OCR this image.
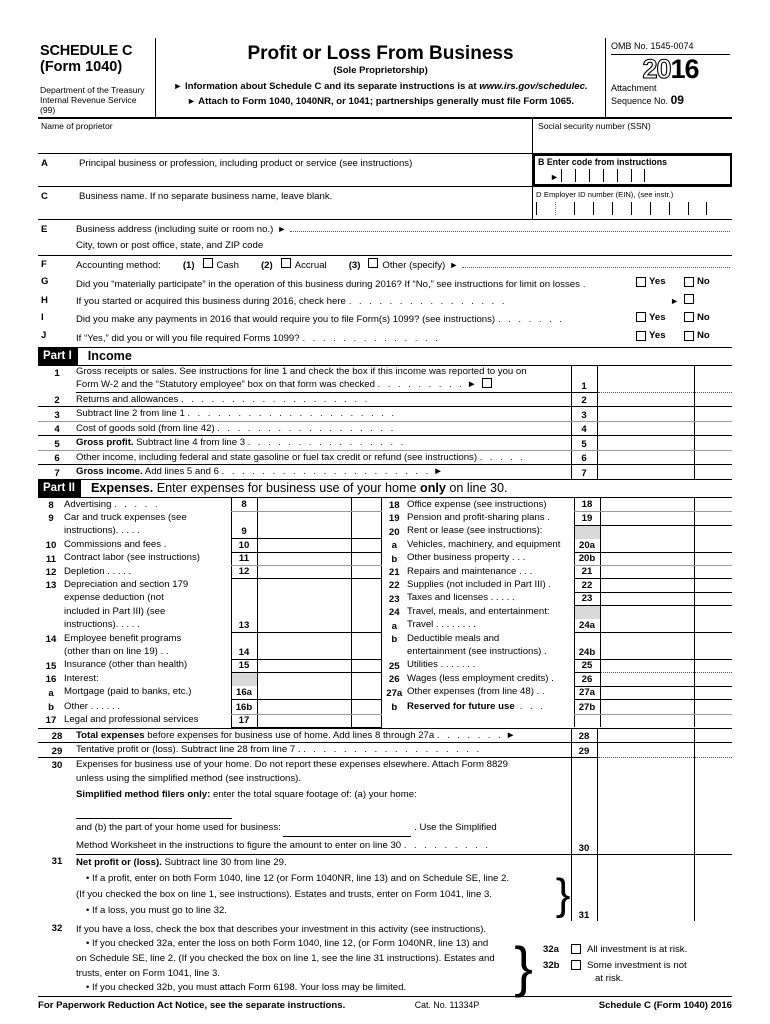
SCHEDULE C
(Form 1040)
Department of the Treasury
Internal Revenue Service (99)
Profit or Loss From Business
(Sole Proprietorship)
► Information about Schedule C and its separate instructions is at www.irs.gov/schedulec.
► Attach to Form 1040, 1040NR, or 1041; partnerships generally must file Form 1065.
OMB No. 1545-0074
2016
Attachment
Sequence No. 09
Name of proprietor	Social security number (SSN)
A	Principal business or profession, including product or service (see instructions)	B Enter code from instructions
►
C	Business name. If no separate business name, leave blank.	D Employer ID number (EIN), (see instr.)
E	Business address (including suite or room no.) ►
City, town or post office, state, and ZIP code
F	Accounting method: (1) Cash (2) Accrual (3) Other (specify) ►
G	Did you “materially participate” in the operation of this business during 2016? If “No,” see instructions for limit on losses .	Yes	No
H	If you started or acquired this business during 2016, check here . . . . . . . . . . . . . . . .	►
I	Did you make any payments in 2016 that would require you to file Form(s) 1099? (see instructions) . . . . . . .	Yes	No
J	If “Yes,” did you or will you file required Forms 1099? . . . . . . . . . . . . . .	Yes	No
Part I	Income
1	Gross receipts or sales. See instructions for line 1 and check the box if this income was reported to you on			
	Form W-2 and the “Statutory employee” box on that form was checked . . . . . . . . . ►	1		
2	Returns and allowances . . . . . . . . . . . . . . . . . . .	2		
3	Subtract line 2 from line 1 . . . . . . . . . . . . . . . . . . . . .	3		
4	Cost of goods sold (from line 42) . . . . . . . . . . . . . . . . . .	4		
5	Gross profit. Subtract line 4 from line 3 . . . . . . . . . . . . . . . .	5		
6	Other income, including federal and state gasoline or fuel tax credit or refund (see instructions) . . . . .	6		
7	Gross income. Add lines 5 and 6 . . . . . . . . . . . . . . . . . . . . . ►	7		
Part II	Expenses. Enter expenses for business use of your home only on line 30.
8	Advertising . . . . .	8			18	Office expense (see instructions)	18		
9	Car and truck expenses (see				19	Pension and profit-sharing plans .	19		
	instructions). . . . .	9			20	Rent or lease (see instructions):			
10	Commissions and fees .	10			a	Vehicles, machinery, and equipment	20a		
11	Contract labor (see instructions)	11			b	Other business property . . .	20b		
12	Depletion . . . . .	12			21	Repairs and maintenance . . .	21		
13	Depreciation and section 179				22	Supplies (not included in Part III) .	22		
	expense deduction (not				23	Taxes and licenses . . . . .	23		
	included in Part III) (see				24	Travel, meals, and entertainment:			
	instructions). . . . .	13			a	Travel . . . . . . . .	24a		
14	Employee benefit programs				b	Deductible meals and			
	(other than on line 19) . .	14				entertainment (see instructions) .	24b		
15	Insurance (other than health)	15			25	Utilities . . . . . . .	25		
16	Interest:				26	Wages (less employment credits) .	26		
a	Mortgage (paid to banks, etc.)	16a			27a	Other expenses (from line 48) . .	27a		
b	Other . . . . . .	16b			b	Reserved for future use . . .	27b		
17	Legal and professional services	17							
28	Total expenses before expenses for business use of home. Add lines 8 through 27a . . . . . . . ►	28		
29	Tentative profit or (loss). Subtract line 28 from line 7 . . . . . . . . . . . . . . . . . . .	29		
30	Expenses for business use of your home. Do not report these expenses elsewhere. Attach Form 8829
unless using the simplified method (see instructions).
Simplified method filers only: enter the total square footage of: (a) your home:
and (b) the part of your home used for business: . Use the Simplified
Method Worksheet in the instructions to figure the amount to enter on line 30 . . . . . . . . .	30		
31	Net profit or (loss). Subtract line 30 from line 29.
• If a profit, enter on both Form 1040, line 12 (or Form 1040NR, line 13) and on Schedule SE, line 2.
(If you checked the box on line 1, see instructions). Estates and trusts, enter on Form 1041, line 3.
• If a loss, you must go to line 32. }	31		
32	If you have a loss, check the box that describes your investment in this activity (see instructions).
• If you checked 32a, enter the loss on both Form 1040, line 12, (or Form 1040NR, line 13) and
on Schedule SE, line 2. (If you checked the box on line 1, see the line 31 instructions). Estates and
trusts, enter on Form 1041, line 3.
• If you checked 32b, you must attach Form 6198. Your loss may be limited.	} 32a	All investment is at risk.
32b	Some investment is not
at risk.
For Paperwork Reduction Act Notice, see the separate instructions.	Cat. No. 11334P	Schedule C (Form 1040) 2016
